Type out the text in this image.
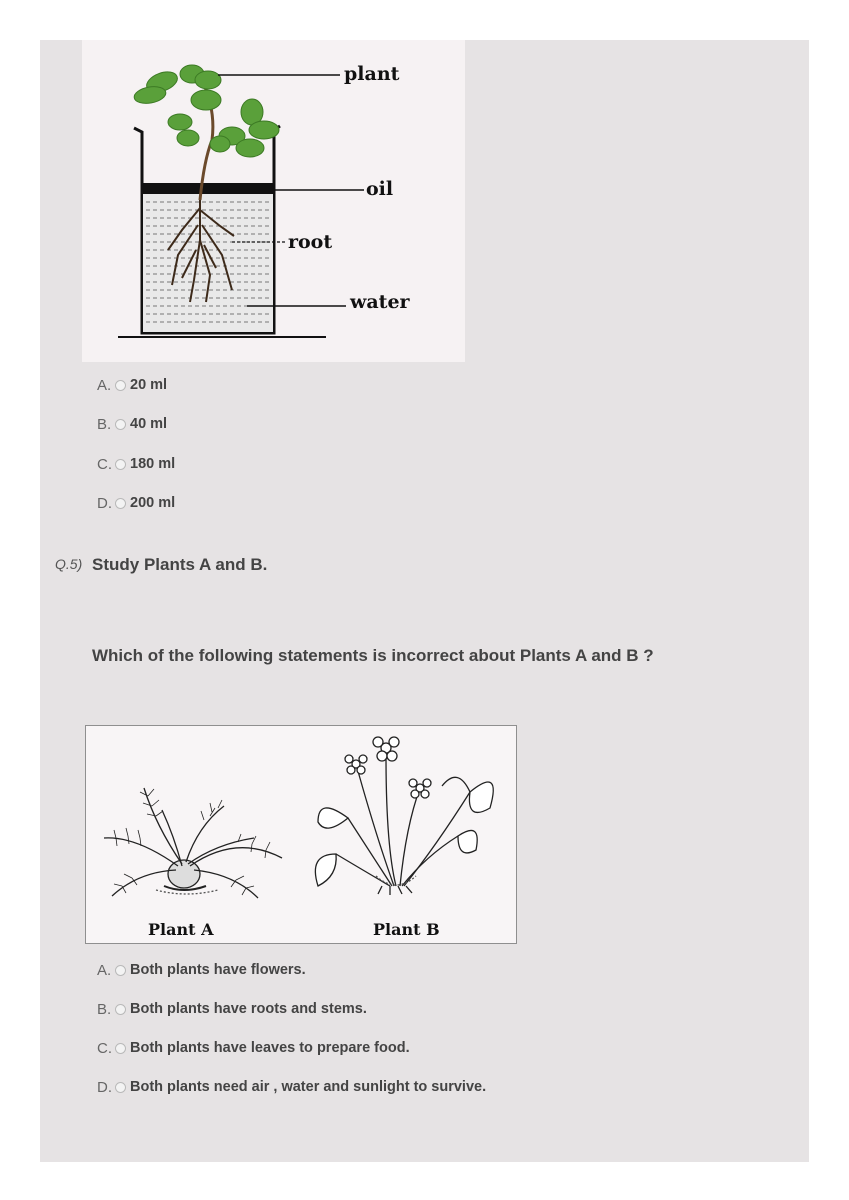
plant
oil
root
water
A. 20 ml
B. 40 ml
C. 180 ml
D. 200 ml
Q.5) Study Plants A and B.
Which of the following statements is incorrect about Plants A and B ?
Plant A	Plant B
A. Both plants have flowers.
B. Both plants have roots and stems.
C. Both plants have leaves to prepare food.
D. Both plants need air , water and sunlight to survive.
